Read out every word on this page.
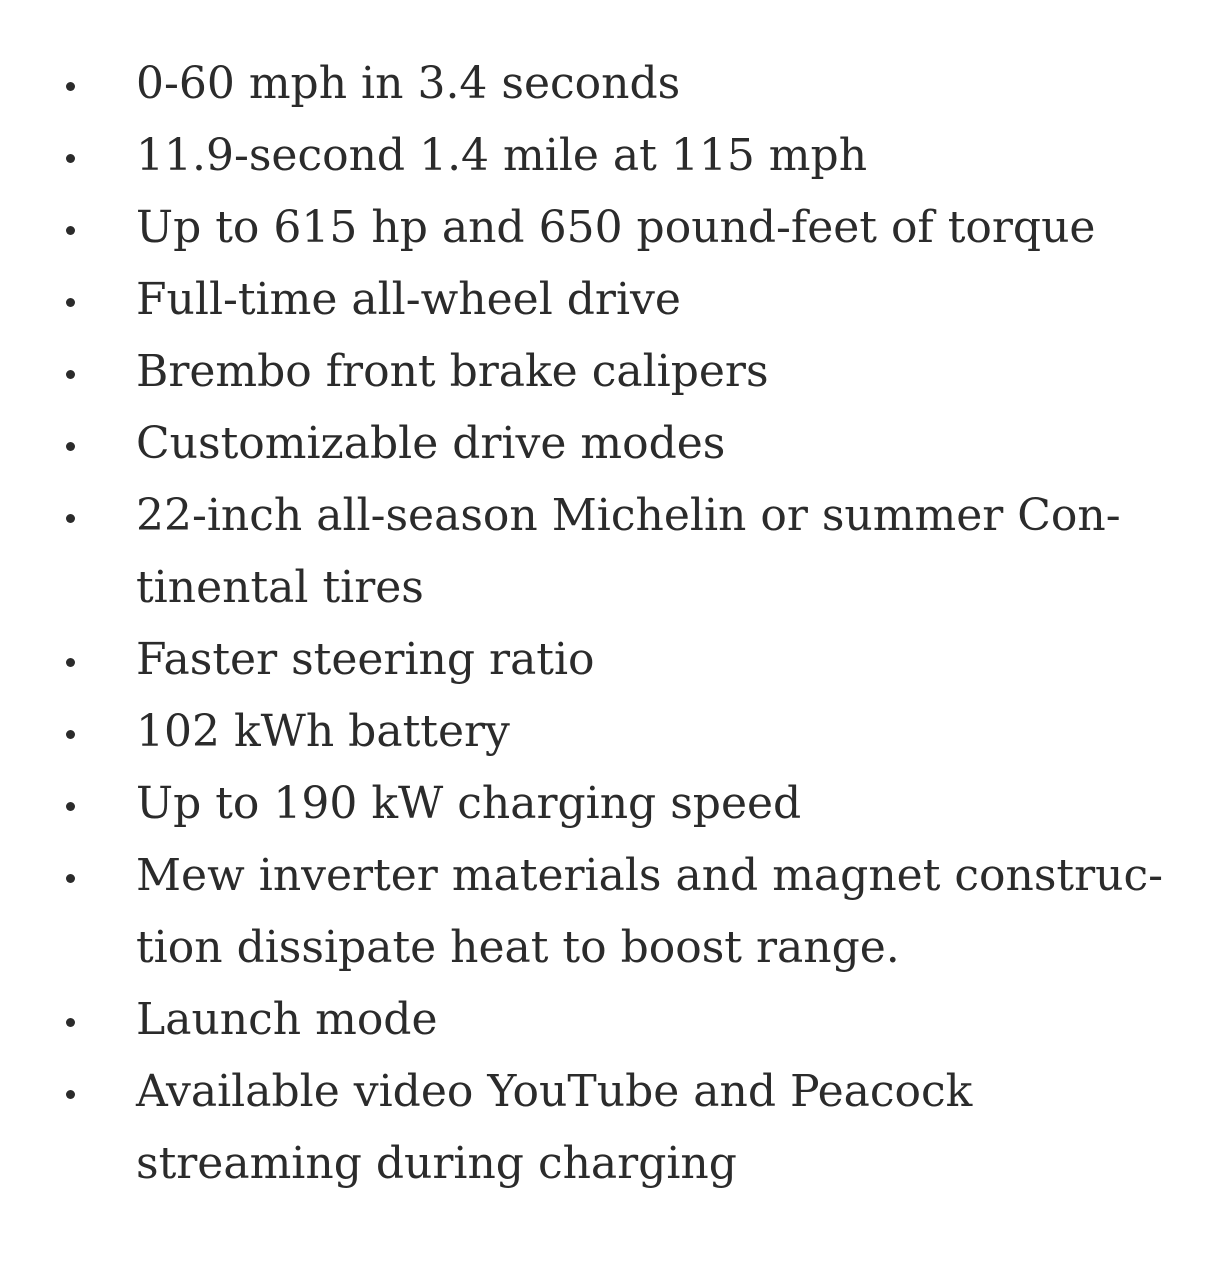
0-60 mph in 3.4 seconds
11.9-second 1.4 mile at 115 mph
Up to 615 hp and 650 pound-feet of torque
Full-time all-wheel drive
Brembo front brake calipers
Customizable drive modes
22-inch all-season Michelin or summer Con-
tinental tires
Faster steering ratio
102 kWh battery
Up to 190 kW charging speed
Mew inverter materials and magnet construc-
tion dissipate heat to boost range.
Launch mode
Available video YouTube and Peacock
streaming during charging
